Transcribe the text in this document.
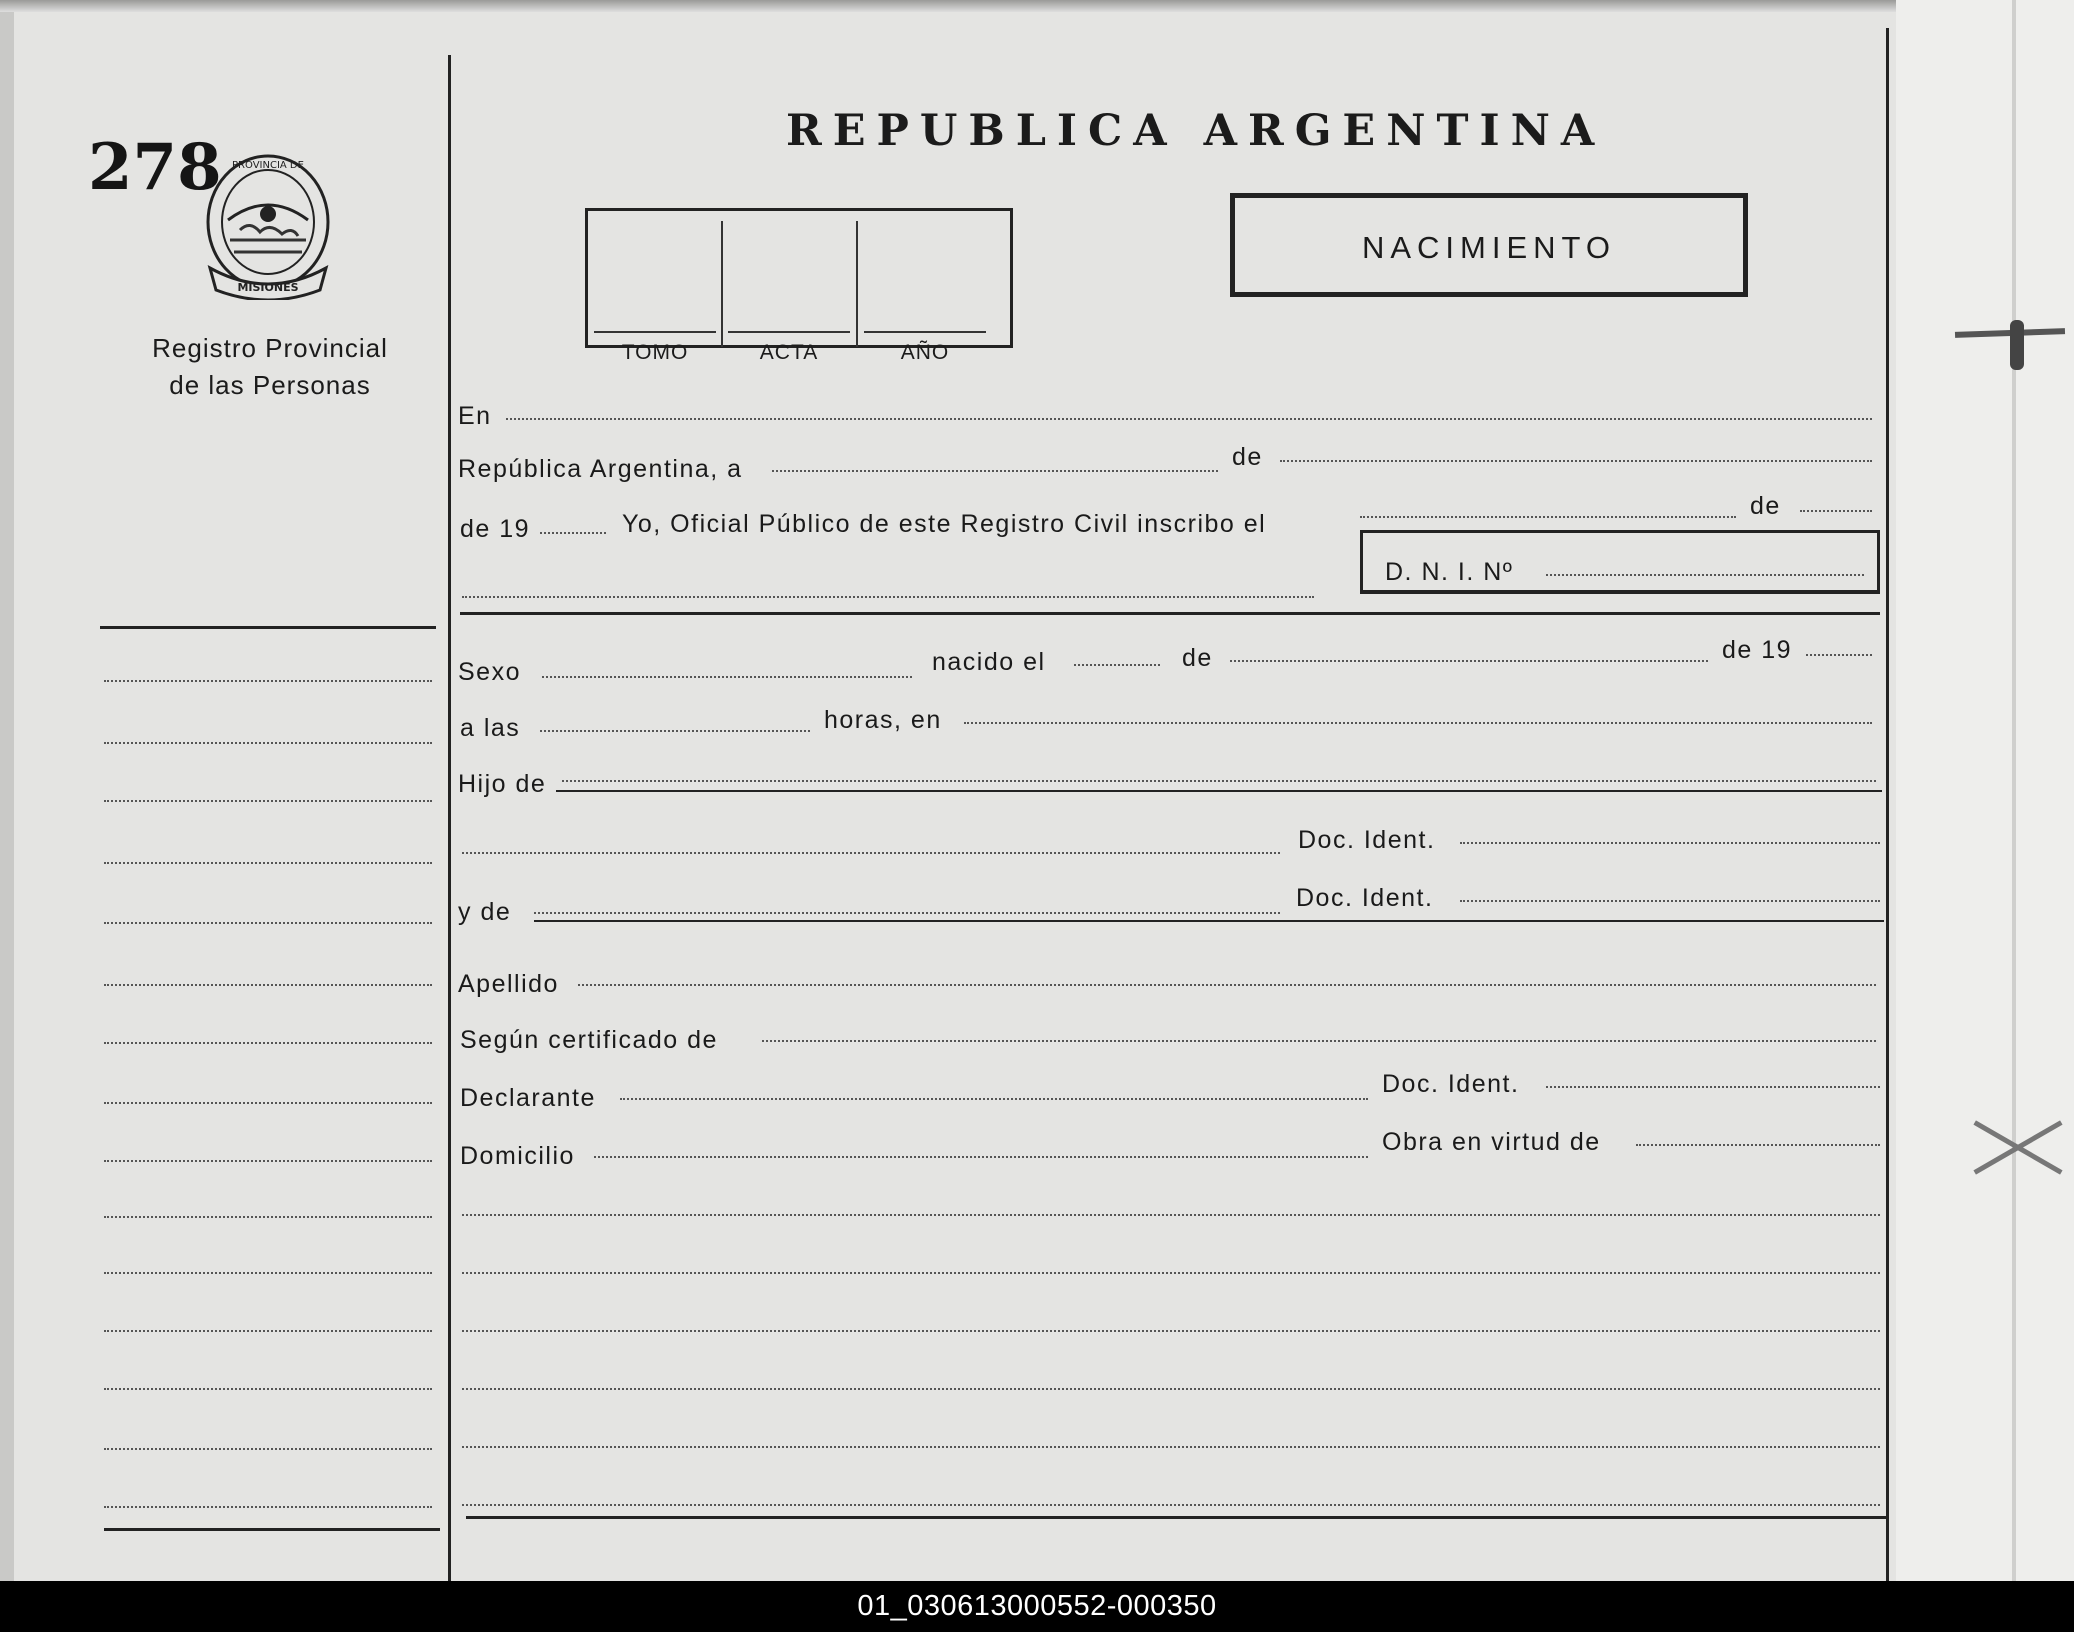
278 PROVINCIA DE
MISIONES
Registro Provincial
de las Personas
REPUBLICA ARGENTINA
TOMO	ACTA	AÑO
NACIMIENTO
En
República Argentina, a	de
de 19	Yo, Oficial Público de este Registro Civil inscribo el
de
D. N. I. Nº
Sexo	nacido el	de	de 19
a las	horas, en
Hijo de
Doc. Ident.
y de	Doc. Ident.
Apellido
Según certificado de
Declarante	Doc. Ident.
Domicilio	Obra en virtud de
01_030613000552-000350
